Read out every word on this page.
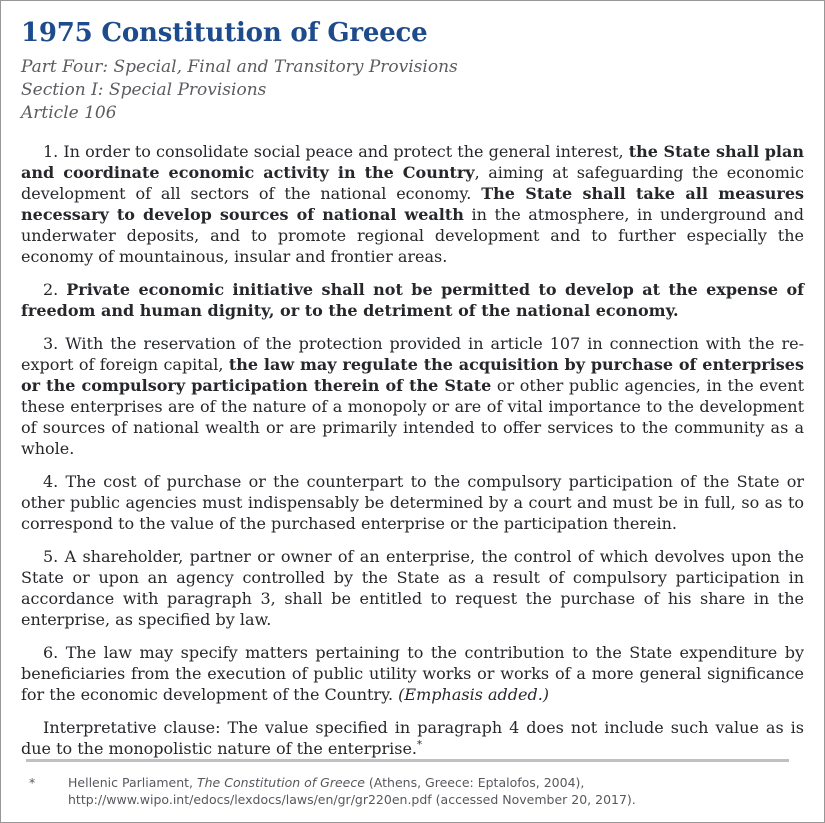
1975 Constitution of Greece
Part Four: Special, Final and Transitory Provisions
Section I: Special Provisions
Article 106

1. In order to consolidate social peace and protect the general interest, the State shall plan and coordinate economic activity in the Country, aiming at safeguarding the economic development of all sectors of the national economy. The State shall take all measures necessary to develop sources of national wealth in the atmosphere, in underground and underwater deposits, and to promote regional development and to further especially the economy of mountainous, insular and frontier areas.

2. Private economic initiative shall not be permitted to develop at the expense of freedom and human dignity, or to the detriment of the national economy.

3. With the reservation of the protection provided in article 107 in connection with the re-export of foreign capital, the law may regulate the acquisition by purchase of enterprises or the compulsory participation therein of the State or other public agencies, in the event these enterprises are of the nature of a monopoly or are of vital importance to the development of sources of national wealth or are primarily intended to offer services to the community as a whole.

4. The cost of purchase or the counterpart to the compulsory participation of the State or other public agencies must indispensably be determined by a court and must be in full, so as to correspond to the value of the purchased enterprise or the participation therein.

5. A shareholder, partner or owner of an enterprise, the control of which devolves upon the State or upon an agency controlled by the State as a result of compulsory participation in accordance with paragraph 3, shall be entitled to request the purchase of his share in the enterprise, as specified by law.

6. The law may specify matters pertaining to the contribution to the State expenditure by beneficiaries from the execution of public utility works or works of a more general significance for the economic development of the Country. (Emphasis added.)

Interpretative clause: The value specified in paragraph 4 does not include such value as is due to the monopolistic nature of the enterprise.*

*	Hellenic Parliament, The Constitution of Greece (Athens, Greece: Eptalofos, 2004), http://www.wipo.int/edocs/lexdocs/laws/en/gr/gr220en.pdf (accessed November 20, 2017).
